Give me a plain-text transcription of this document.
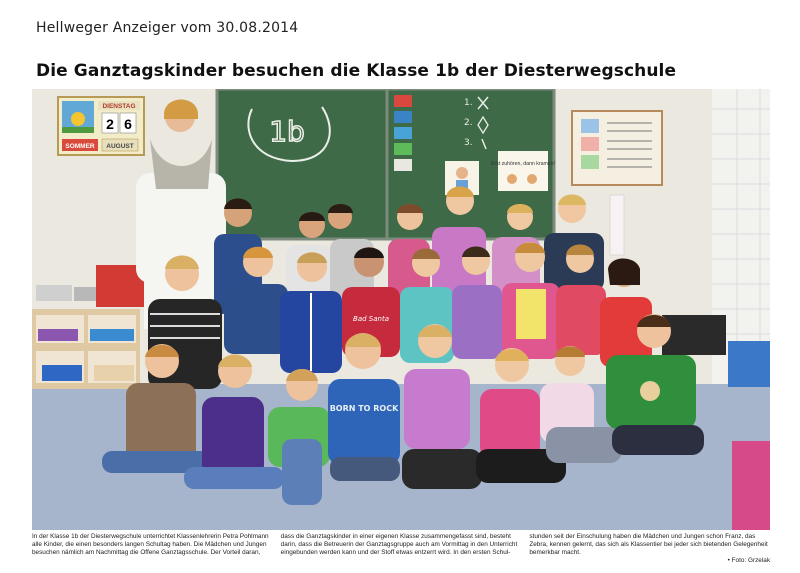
Hellweger Anzeiger vom 30.08.2014
Die Ganztagskinder besuchen die Klasse 1b der Diesterwegschule
DIENSTAG
2 6
SOMMER AUGUST	1b
1.
2.
3.
Erst zuhören, dann kramen!
Bad Santa
BORN TO ROCK

In der Klasse 1b der Diesterwegschule unterrichtet Klassenlehrerin Petra Pohlmann alle Kinder, die einen besonders langen Schultag haben. Die Mädchen und Jungen besuchen nämlich am Nachmittag die Offene Ganztagsschule. Der Vorteil daran,

dass die Ganztagskinder in einer eigenen Klasse zusammengefasst sind, besteht darin, dass die Betreuerin der Ganztagsgruppe auch am Vormittag in den Unterricht eingebunden werden kann und der Stoff etwas entzerrt wird. In den ersten Schul-

stunden seit der Einschulung haben die Mädchen und Jungen schon Franz, das Zebra, kennen gelernt, das sich als Klassentier bei jeder sich bietenden Gelegenheit bemerkbar macht.
• Foto: Grzelak
